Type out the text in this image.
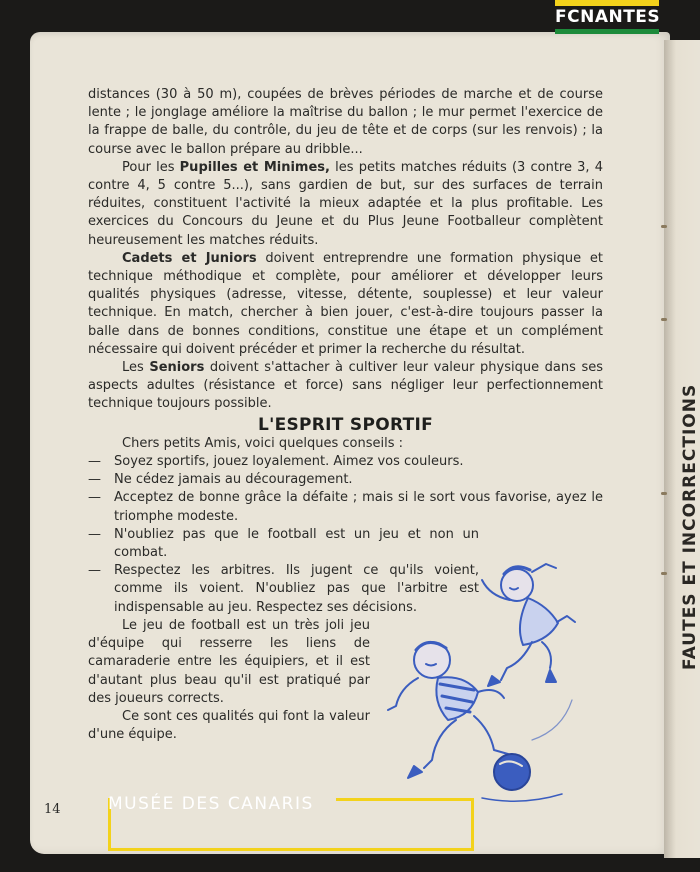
FAUTES ET INCORRECTIONS
FCNANTES

distances (30 à 50 m), coupées de brèves périodes de marche et de course lente ; le jonglage améliore la maîtrise du ballon ; le mur permet l'exercice de la frappe de balle, du contrôle, du jeu de tête et de corps (sur les renvois) ; la course avec le ballon prépare au dribble...

Pour les Pupilles et Minimes, les petits matches réduits (3 contre 3, 4 contre 4, 5 contre 5...), sans gardien de but, sur des surfaces de terrain réduites, constituent l'activité la mieux adaptée et la plus profitable. Les exercices du Concours du Jeune et du Plus Jeune Footballeur complètent heureusement les matches réduits.

Cadets et Juniors doivent entreprendre une formation physique et technique méthodique et complète, pour améliorer et développer leurs qualités physiques (adresse, vitesse, détente, souplesse) et leur valeur technique. En match, chercher à bien jouer, c'est-à-dire toujours passer la balle dans de bonnes conditions, constitue une étape et un complément nécessaire qui doivent précéder et primer la recherche du résultat.

Les Seniors doivent s'attacher à cultiver leur valeur physique dans ses aspects adultes (résistance et force) sans négliger leur perfectionnement technique toujours possible.

L'ESPRIT SPORTIF

Chers petits Amis, voici quelques conseils :

— Soyez sportifs, jouez loyalement. Aimez vos couleurs.

— Ne cédez jamais au découragement.

— Acceptez de bonne grâce la défaite ; mais si le sort vous favorise, ayez le triomphe modeste.

— N'oubliez pas que le football est un jeu et non un combat.

— Respectez les arbitres. Ils jugent ce qu'ils voient, comme ils voient. N'oubliez pas que l'arbitre est indispensable au jeu. Respectez ses décisions.

Le jeu de football est un très joli jeu d'équipe qui resserre les liens de camaraderie entre les équipiers, et il est d'autant plus beau qu'il est pratiqué par des joueurs corrects.

Ce sont ces qualités qui font la valeur d'une équipe.

14	MUSÉE DES CANARIS
